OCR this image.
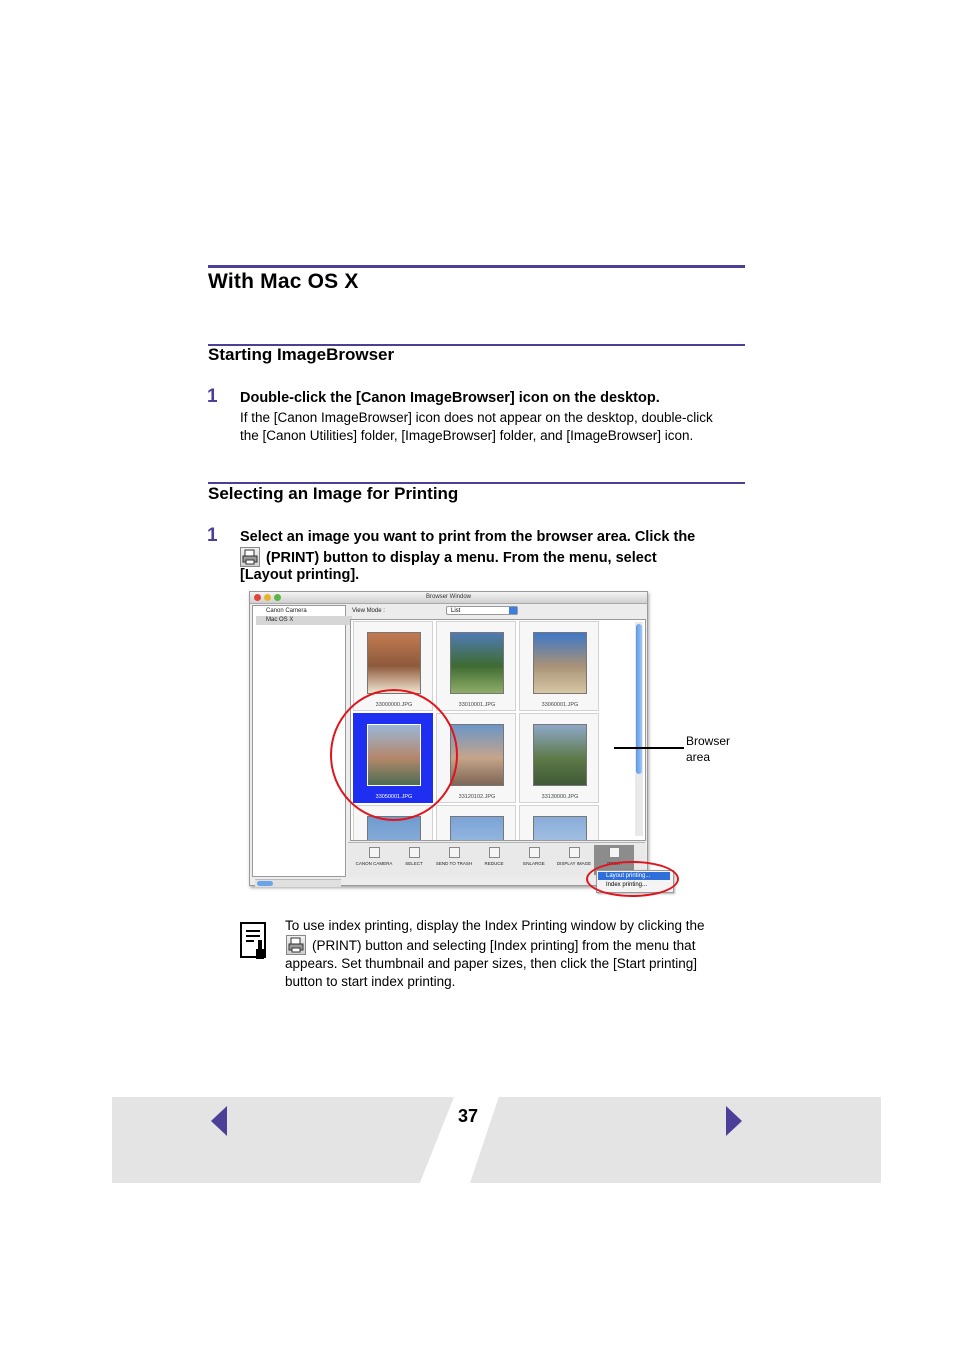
With Mac OS X
Starting ImageBrowser
1 Double-click the [Canon ImageBrowser] icon on the desktop.
If the [Canon ImageBrowser] icon does not appear on the desktop, double-click
the [Canon Utilities] folder, [ImageBrowser] folder, and [ImageBrowser] icon.
Selecting an Image for Printing
1 Select an image you want to print from the browser area. Click the
(PRINT) button to display a menu. From the menu, select
[Layout printing].
Browser Window
Canon Camera
Mac OS X
View Mode :	List
33000000.JPG	33010001.JPG	33060001.JPG
33050001.JPG	33120102.JPG	33130000.JPG
CANON CAMERA	SELECT	SEND TO TRASH	REDUCE	ENLARGE	DISPLAY IMAGE	PRINT
Layout printing...
Index printing...
Browser
area
To use index printing, display the Index Printing window by clicking the
(PRINT) button and selecting [Index printing] from the menu that
appears. Set thumbnail and paper sizes, then click the [Start printing]
button to start index printing.
37
